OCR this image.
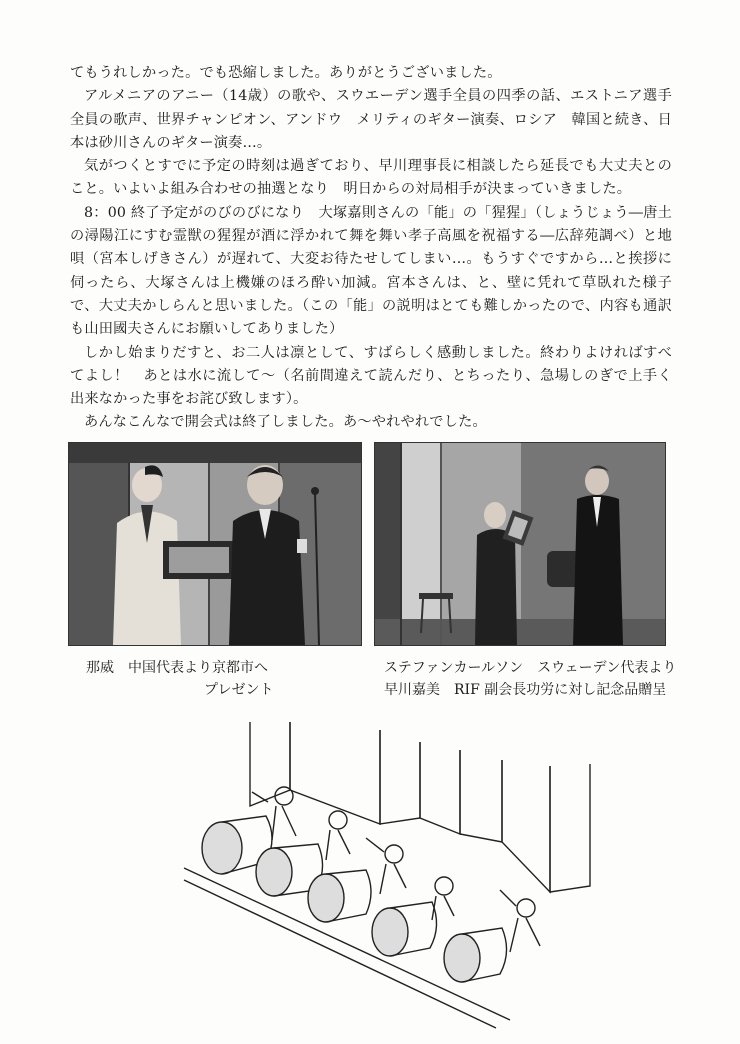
てもうれしかった。でも恐縮しました。ありがとうございました。

アルメニアのアニー（14歳）の歌や、スウエーデン選手全員の四季の話、エストニア選手全員の歌声、世界チャンピオン、アンドウ　メリティのギター演奏、ロシア　韓国と続き、日本は砂川さんのギター演奏…。

気がつくとすでに予定の時刻は過ぎており、早川理事長に相談したら延長でも大丈夫とのこと。いよいよ組み合わせの抽選となり　明日からの対局相手が決まっていきました。

8：00 終了予定がのびのびになり　大塚嘉則さんの「能」の「猩猩」（しょうじょう―唐土の潯陽江にすむ霊獣の猩猩が酒に浮かれて舞を舞い孝子高風を祝福する―広辞苑調べ）と地唄（宮本しげきさん）が遅れて、大変お待たせしてしまい…。もうすぐですから…と挨拶に伺ったら、大塚さんは上機嫌のほろ酔い加減。宮本さんは、と、壁に凭れて草臥れた様子で、大丈夫かしらんと思いました。（この「能」の説明はとても難しかったので、内容も通訳も山田國夫さんにお願いしてありました）

しかし始まりだすと、お二人は凛として、すばらしく感動しました。終わりよければすべてよし！　あとは水に流して～（名前間違えて読んだり、とちったり、急場しのぎで上手く出来なかった事をお詫び致します）。

あんなこんなで開会式は終了しました。あ～やれやれでした。

那威　中国代表より京都市へ
プレゼント
ステファンカールソン　スウェーデン代表より
早川嘉美　RIF 副会長功労に対し記念品贈呈
